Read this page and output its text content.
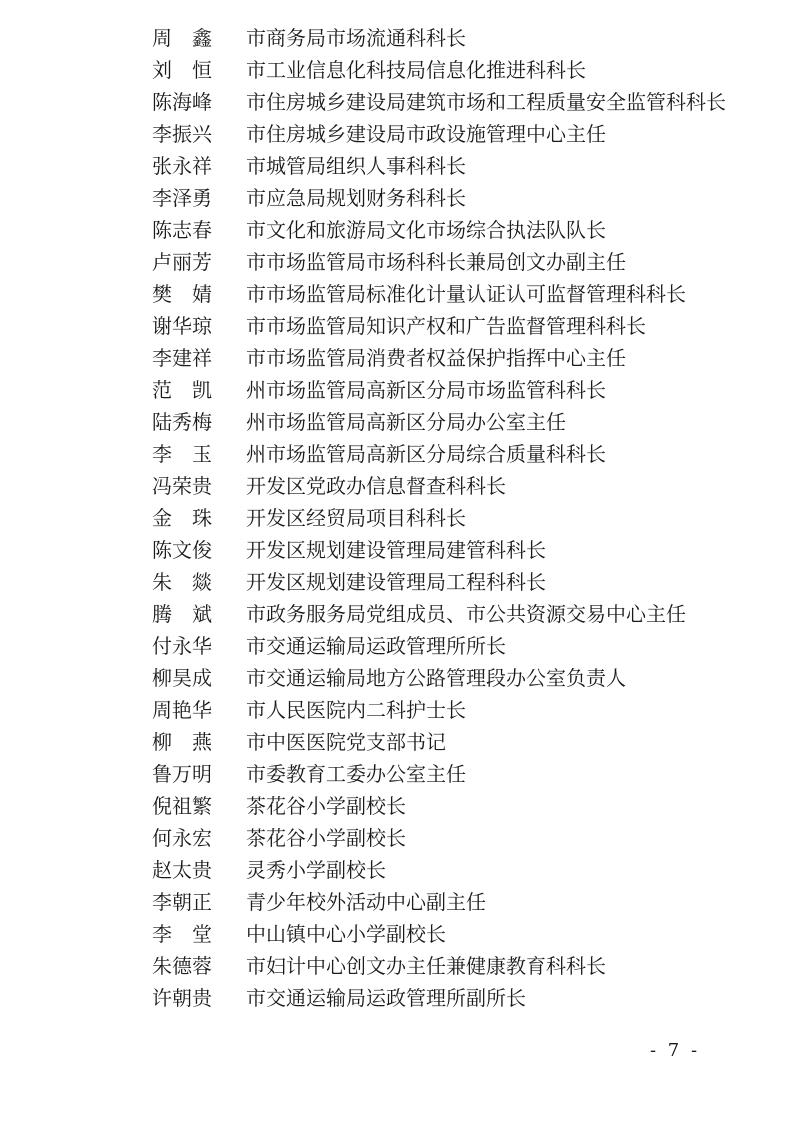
周　鑫	市商务局市场流通科科长
刘　恒	市工业信息化科技局信息化推进科科长
陈海峰	市住房城乡建设局建筑市场和工程质量安全监管科科长
李振兴	市住房城乡建设局市政设施管理中心主任
张永祥	市城管局组织人事科科长
李泽勇	市应急局规划财务科科长
陈志春	市文化和旅游局文化市场综合执法队队长
卢丽芳	市市场监管局市场科科长兼局创文办副主任
樊　婧	市市场监管局标准化计量认证认可监督管理科科长
谢华琼	市市场监管局知识产权和广告监督管理科科长
李建祥	市市场监管局消费者权益保护指挥中心主任
范　凯	州市场监管局高新区分局市场监管科科长
陆秀梅	州市场监管局高新区分局办公室主任
李　玉	州市场监管局高新区分局综合质量科科长
冯荣贵	开发区党政办信息督查科科长
金　珠	开发区经贸局项目科科长
陈文俊	开发区规划建设管理局建管科科长
朱　燚	开发区规划建设管理局工程科科长
腾　斌	市政务服务局党组成员、市公共资源交易中心主任
付永华	市交通运输局运政管理所所长
柳昊成	市交通运输局地方公路管理段办公室负责人
周艳华	市人民医院内二科护士长
柳　燕	市中医医院党支部书记
鲁万明	市委教育工委办公室主任
倪祖繁	茶花谷小学副校长
何永宏	茶花谷小学副校长
赵太贵	灵秀小学副校长
李朝正	青少年校外活动中心副主任
李　堂	中山镇中心小学副校长
朱德蓉	市妇计中心创文办主任兼健康教育科科长
许朝贵	市交通运输局运政管理所副所长
- 7 -
